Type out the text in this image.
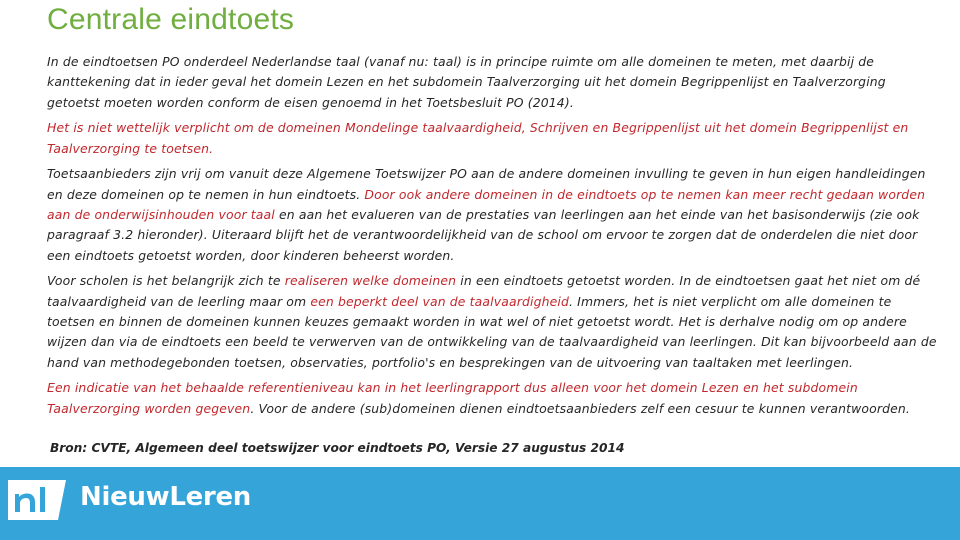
Centrale eindtoets

In de eindtoetsen PO onderdeel Nederlandse taal (vanaf nu: taal) is in principe ruimte om alle domeinen te meten, met daarbij de kanttekening dat in ieder geval het domein Lezen en het subdomein Taalverzorging uit het domein Begrippenlijst en Taalverzorging getoetst moeten worden conform de eisen genoemd in het Toetsbesluit PO (2014).

Het is niet wettelijk verplicht om de domeinen Mondelinge taalvaardigheid, Schrijven en Begrippenlijst uit het domein Begrippenlijst en Taalverzorging te toetsen.

Toetsaanbieders zijn vrij om vanuit deze Algemene Toetswijzer PO aan de andere domeinen invulling te geven in hun eigen handleidingen en deze domeinen op te nemen in hun eindtoets. Door ook andere domeinen in de eindtoets op te nemen kan meer recht gedaan worden aan de onderwijsinhouden voor taal en aan het evalueren van de prestaties van leerlingen aan het einde van het basisonderwijs (zie ook paragraaf 3.2 hieronder). Uiteraard blijft het de verantwoordelijkheid van de school om ervoor te zorgen dat de onderdelen die niet door een eindtoets getoetst worden, door kinderen beheerst worden.

Voor scholen is het belangrijk zich te realiseren welke domeinen in een eindtoets getoetst worden. In de eindtoetsen gaat het niet om dé taalvaardigheid van de leerling maar om een beperkt deel van de taalvaardigheid. Immers, het is niet verplicht om alle domeinen te toetsen en binnen de domeinen kunnen keuzes gemaakt worden in wat wel of niet getoetst wordt. Het is derhalve nodig om op andere wijzen dan via de eindtoets een beeld te verwerven van de ontwikkeling van de taalvaardigheid van leerlingen. Dit kan bijvoorbeeld aan de hand van methodegebonden toetsen, observaties, portfolio's en besprekingen van de uitvoering van taaltaken met leerlingen.

Een indicatie van het behaalde referentieniveau kan in het leerlingrapport dus alleen voor het domein Lezen en het subdomein Taalverzorging worden gegeven. Voor de andere (sub)domeinen dienen eindtoetsaanbieders zelf een cesuur te kunnen verantwoorden.

Bron: CVTE, Algemeen deel toetswijzer voor eindtoets PO, Versie 27 augustus 2014
NieuwLeren
